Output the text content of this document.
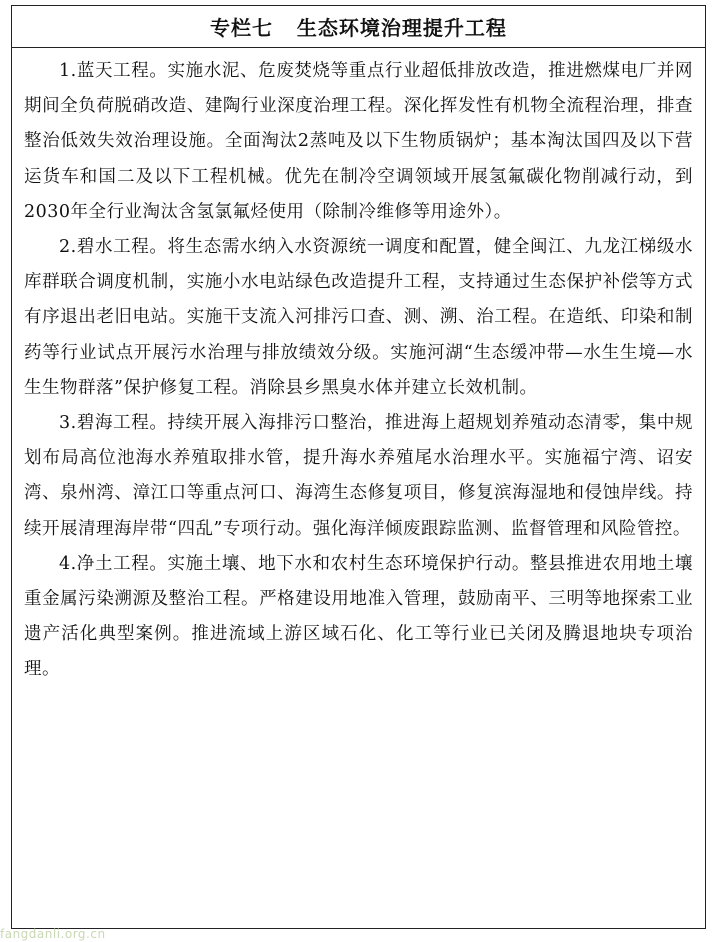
专栏七   生态环境治理提升工程

1.蓝天工程。实施水泥、危废焚烧等重点行业超低排放改造，推进燃煤电厂并网期间全负荷脱硝改造、建陶行业深度治理工程。深化挥发性有机物全流程治理，排查整治低效失效治理设施。全面淘汰2蒸吨及以下生物质锅炉；基本淘汰国四及以下营运货车和国二及以下工程机械。优先在制冷空调领域开展氢氟碳化物削减行动，到2030年全行业淘汰含氢氯氟烃使用（除制冷维修等用途外）。

2.碧水工程。将生态需水纳入水资源统一调度和配置，健全闽江、九龙江梯级水库群联合调度机制，实施小水电站绿色改造提升工程，支持通过生态保护补偿等方式有序退出老旧电站。实施干支流入河排污口查、测、溯、治工程。在造纸、印染和制药等行业试点开展污水治理与排放绩效分级。实施河湖“生态缓冲带—水生生境—水生生物群落”保护修复工程。消除县乡黑臭水体并建立长效机制。

3.碧海工程。持续开展入海排污口整治，推进海上超规划养殖动态清零，集中规划布局高位池海水养殖取排水管，提升海水养殖尾水治理水平。实施福宁湾、诏安湾、泉州湾、漳江口等重点河口、海湾生态修复项目，修复滨海湿地和侵蚀岸线。持续开展清理海岸带“四乱”专项行动。强化海洋倾废跟踪监测、监督管理和风险管控。

4.净土工程。实施土壤、地下水和农村生态环境保护行动。整县推进农用地土壤重金属污染溯源及整治工程。严格建设用地准入管理，鼓励南平、三明等地探索工业遗产活化典型案例。推进流域上游区域石化、化工等行业已关闭及腾退地块专项治理。

fangdanli.org.cn
